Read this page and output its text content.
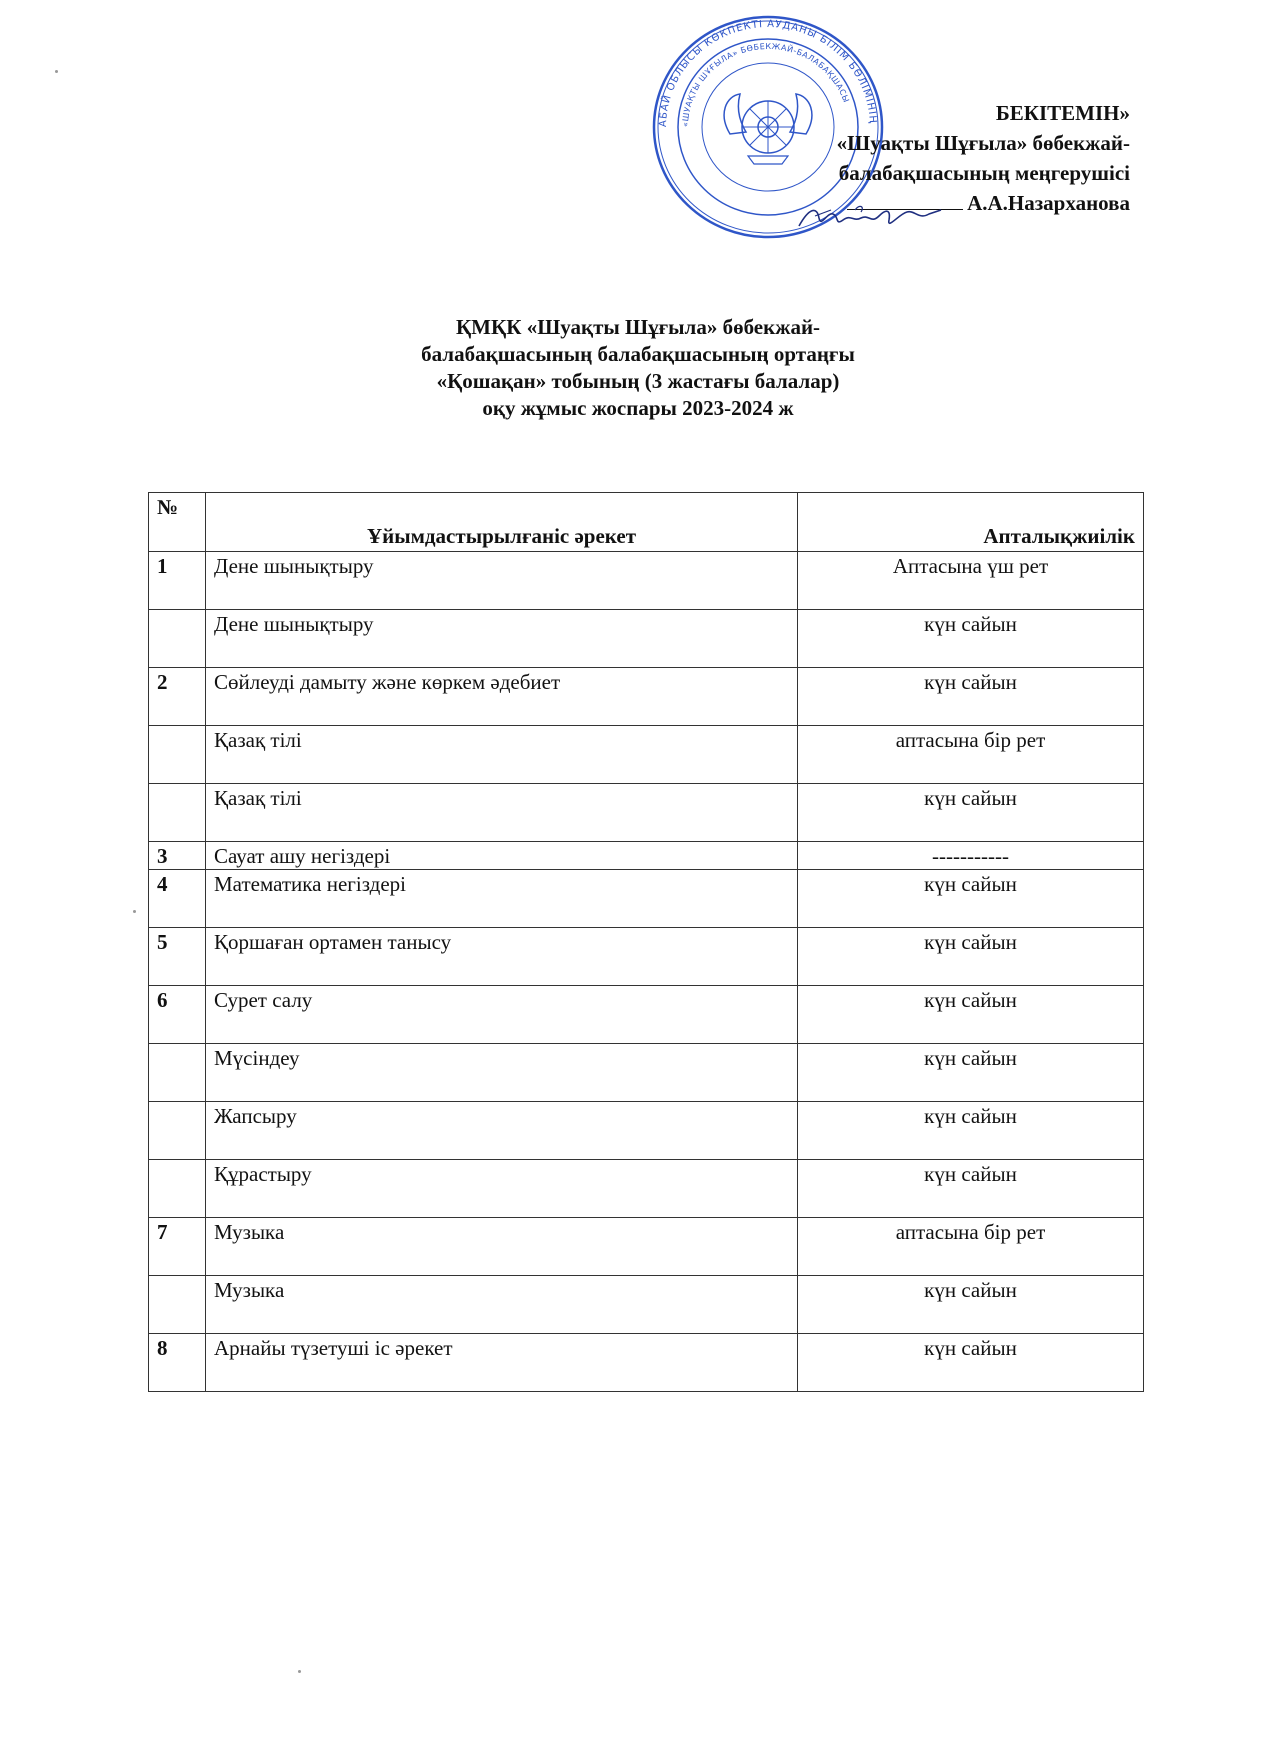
АБАЙ ОБЛЫСЫ КӨКПЕКТІ АУДАНЫ БІЛІМ БӨЛІМІНІҢ
«ШУАҚТЫ ШҰҒЫЛА» БӨБЕКЖАЙ-БАЛАБАҚШАСЫ
БЕКІТЕМІН»
«Шуақты Шұғыла» бөбекжай-
балабақшасының меңгерушісі
А.А.Назарханова
ҚМҚК «Шуақты Шұғыла» бөбекжай-
балабақшасының балабақшасының ортаңғы
«Қошақан» тобының (3 жастағы балалар)
оқу жұмыс жоспары 2023-2024 ж
№	Ұйымдастырылғаніс әрекет	Апталықжиілік
1	Дене шынықтыру	Аптасына үш рет
	Дене шынықтыру	күн сайын
2	Сөйлеуді дамыту және көркем әдебиет	күн сайын
	Қазақ тілі	аптасына бір рет
	Қазақ тілі	күн сайын
3	Сауат ашу негіздері	-----------
4	Математика негіздері	күн сайын
5	Қоршаған ортамен танысу	күн сайын
6	Сурет салу	күн сайын
	Мүсіндеу	күн сайын
	Жапсыру	күн сайын
	Құрастыру	күн сайын
7	Музыка	аптасына бір рет
	Музыка	күн сайын
8	Арнайы түзетуші іс әрекет	күн сайын
